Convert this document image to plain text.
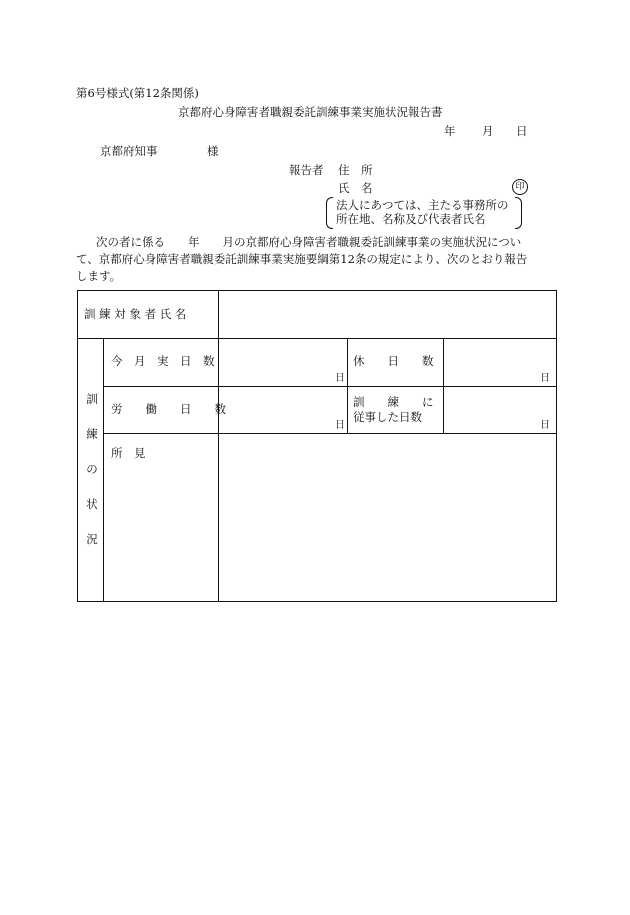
第6号様式(第12条関係)
京都府心身障害者職親委託訓練事業実施状況報告書
年 月 日
京都府知事	様
報告者 住　所
氏　名	印
法人にあつては、主たる事務所の
所在地、名称及び代表者氏名
次の者に係る　　年　　月の京都府心身障害者職親委託訓練事業の実施状況につい
て、京都府心身障害者職親委託訓練事業実施要綱第12条の規定により、次のとおり報告
します。
訓 練 対 象 者 氏 名
訓
練
の
状
況
今　月　実　日　数
日
休　　日　　数
日
労　　働　　日　　数
日
訓　　練　　に
従事した日数
日
所　見
